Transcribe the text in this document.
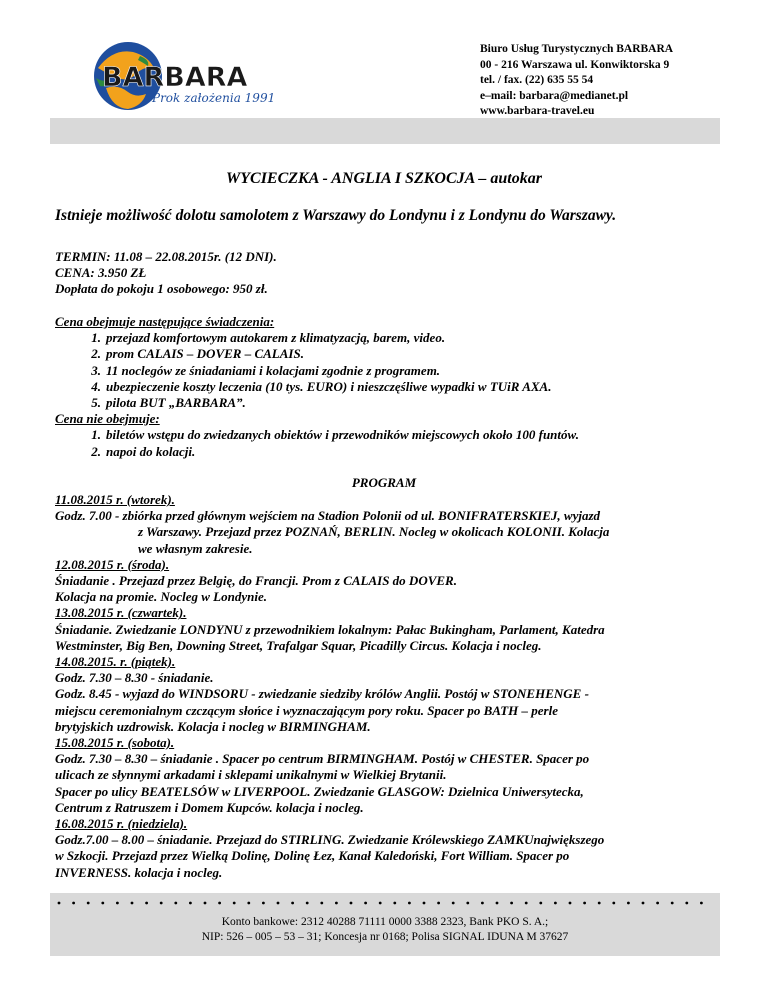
BARBARA
Prok założenia 1991
Biuro Usług Turystycznych BARBARA
00 - 216 Warszawa ul. Konwiktorska 9
tel. / fax. (22) 635 55 54
e–mail: barbara@medianet.pl
www.barbara-travel.eu
WYCIECZKA - ANGLIA I SZKOCJA – autokar
Istnieje możliwość dolotu samolotem z Warszawy do Londynu i z Londynu do Warszawy.
TERMIN: 11.08 – 22.08.2015r. (12 DNI).
CENA: 3.950 ZŁ
Dopłata do pokoju 1 osobowego: 950 zł.
Cena obejmuje następujące świadczenia:
1. przejazd komfortowym autokarem z klimatyzacją, barem, video.
2. prom CALAIS – DOVER – CALAIS.
3. 11 noclegów ze śniadaniami i kolacjami zgodnie z programem.
4. ubezpieczenie koszty leczenia (10 tys. EURO) i nieszczęśliwe wypadki w TUiR AXA.
5. pilota BUT „BARBARA”.
Cena nie obejmuje:
1. biletów wstępu do zwiedzanych obiektów i przewodników miejscowych około 100 funtów.
2. napoi do kolacji.
PROGRAM
11.08.2015 r. (wtorek).
Godz. 7.00 - zbiórka przed głównym wejściem na Stadion Polonii od ul. BONIFRATERSKIEJ, wyjazd
z Warszawy. Przejazd przez POZNAŃ, BERLIN. Nocleg w okolicach KOLONII. Kolacja
we własnym zakresie.
12.08.2015 r. (środa).
Śniadanie . Przejazd przez Belgię, do Francji. Prom z CALAIS do DOVER.
Kolacja na promie. Nocleg w Londynie.
13.08.2015 r. (czwartek).
Śniadanie. Zwiedzanie LONDYNU z przewodnikiem lokalnym: Pałac Bukingham, Parlament, Katedra
Westminster, Big Ben, Downing Street, Trafalgar Squar, Picadilly Circus. Kolacja i nocleg.
14.08.2015. r. (piątek).
Godz. 7.30 – 8.30 - śniadanie.
Godz. 8.45 - wyjazd do WINDSORU - zwiedzanie siedziby królów Anglii. Postój w STONEHENGE -
miejscu ceremonialnym czczącym słońce i wyznaczającym pory roku. Spacer po BATH – perle
brytyjskich uzdrowisk. Kolacja i nocleg w BIRMINGHAM.
15.08.2015 r. (sobota).
Godz. 7.30 – 8.30 – śniadanie . Spacer po centrum BIRMINGHAM. Postój w CHESTER. Spacer po
ulicach ze słynnymi arkadami i sklepami unikalnymi w Wielkiej Brytanii.
Spacer po ulicy BEATELSÓW w LIVERPOOL. Zwiedzanie GLASGOW: Dzielnica Uniwersytecka,
Centrum z Ratruszem i Domem Kupców. kolacja i nocleg.
16.08.2015 r. (niedziela).
Godz.7.00 – 8.00 – śniadanie. Przejazd do STIRLING. Zwiedzanie Królewskiego ZAMKUnajwiększego
w Szkocji. Przejazd przez Wielką Dolinę, Dolinę Łez, Kanał Kaledoński, Fort William. Spacer po
INVERNESS. kolacja i nocleg.
Konto bankowe: 2312 40288 71111 0000 3388 2323, Bank PKO S. A.;
NIP: 526 – 005 – 53 – 31; Koncesja nr 0168; Polisa SIGNAL IDUNA M 37627
